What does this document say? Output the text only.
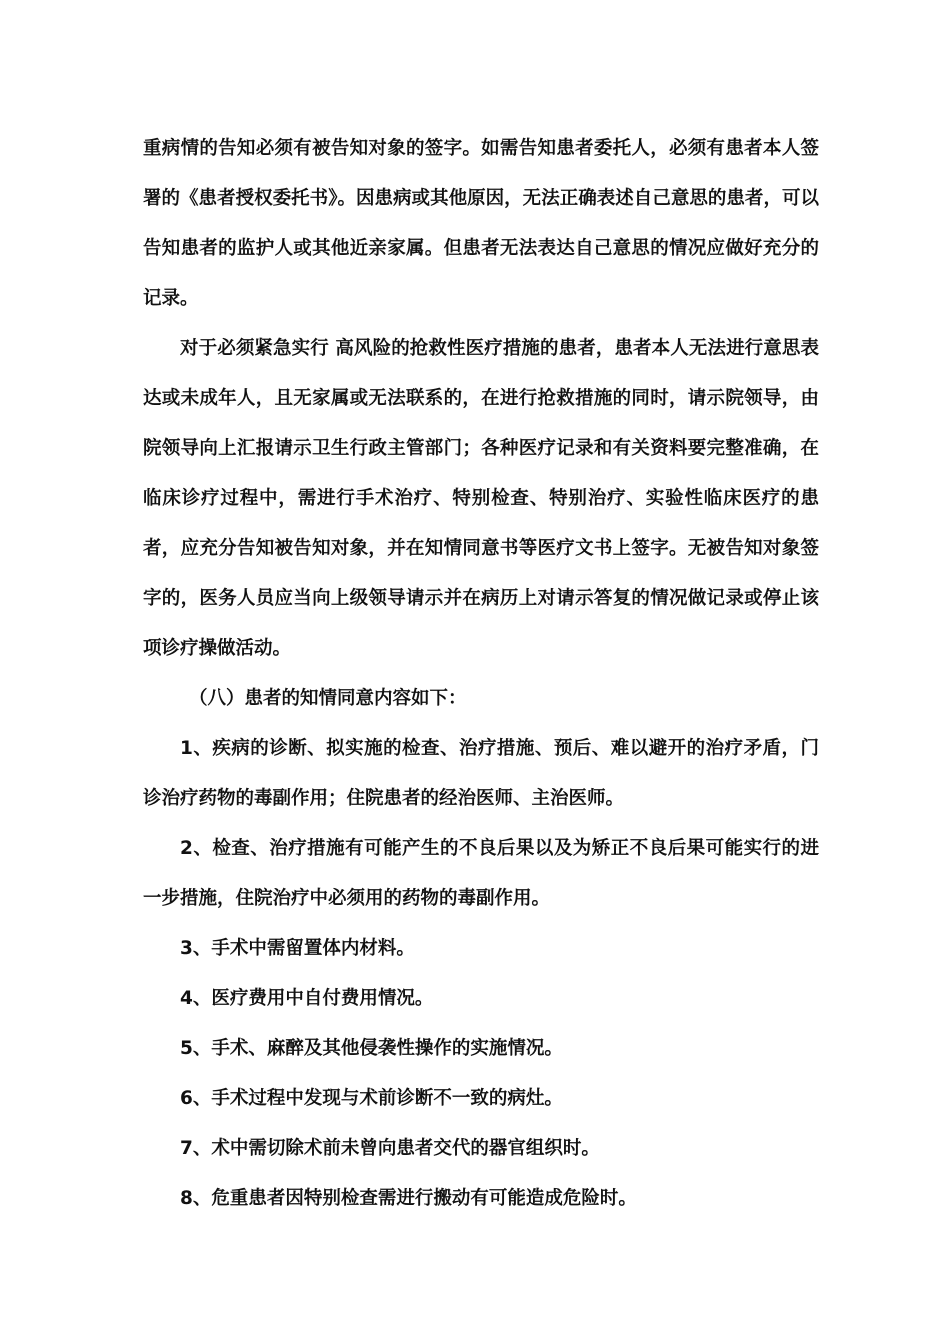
重病情的告知必须有被告知对象的签字。如需告知患者委托人，必须有患者本人签署的《患者授权委托书》。因患病或其他原因，无法正确表述自己意思的患者，可以告知患者的监护人或其他近亲家属。但患者无法表达自己意思的情况应做好充分的记录。

对于必须紧急实行 高风险的抢救性医疗措施的患者，患者本人无法进行意思表达或未成年人，且无家属或无法联系的，在进行抢救措施的同时，请示院领导，由院领导向上汇报请示卫生行政主管部门；各种医疗记录和有关资料要完整准确，在临床诊疗过程中，需进行手术治疗、特别检查、特别治疗、实验性临床医疗的患者，应充分告知被告知对象，并在知情同意书等医疗文书上签字。无被告知对象签字的，医务人员应当向上级领导请示并在病历上对请示答复的情况做记录或停止该项诊疗操做活动。

（八）患者的知情同意内容如下：

1、疾病的诊断、拟实施的检查、治疗措施、预后、难以避开的治疗矛盾，门诊治疗药物的毒副作用；住院患者的经治医师、主治医师。

2、检查、治疗措施有可能产生的不良后果以及为矫正不良后果可能实行的进一步措施，住院治疗中必须用的药物的毒副作用。

3、手术中需留置体内材料。

4、医疗费用中自付费用情况。

5、手术、麻醉及其他侵袭性操作的实施情况。

6、手术过程中发现与术前诊断不一致的病灶。

7、术中需切除术前未曾向患者交代的器官组织时。

8、危重患者因特别检查需进行搬动有可能造成危险时。
